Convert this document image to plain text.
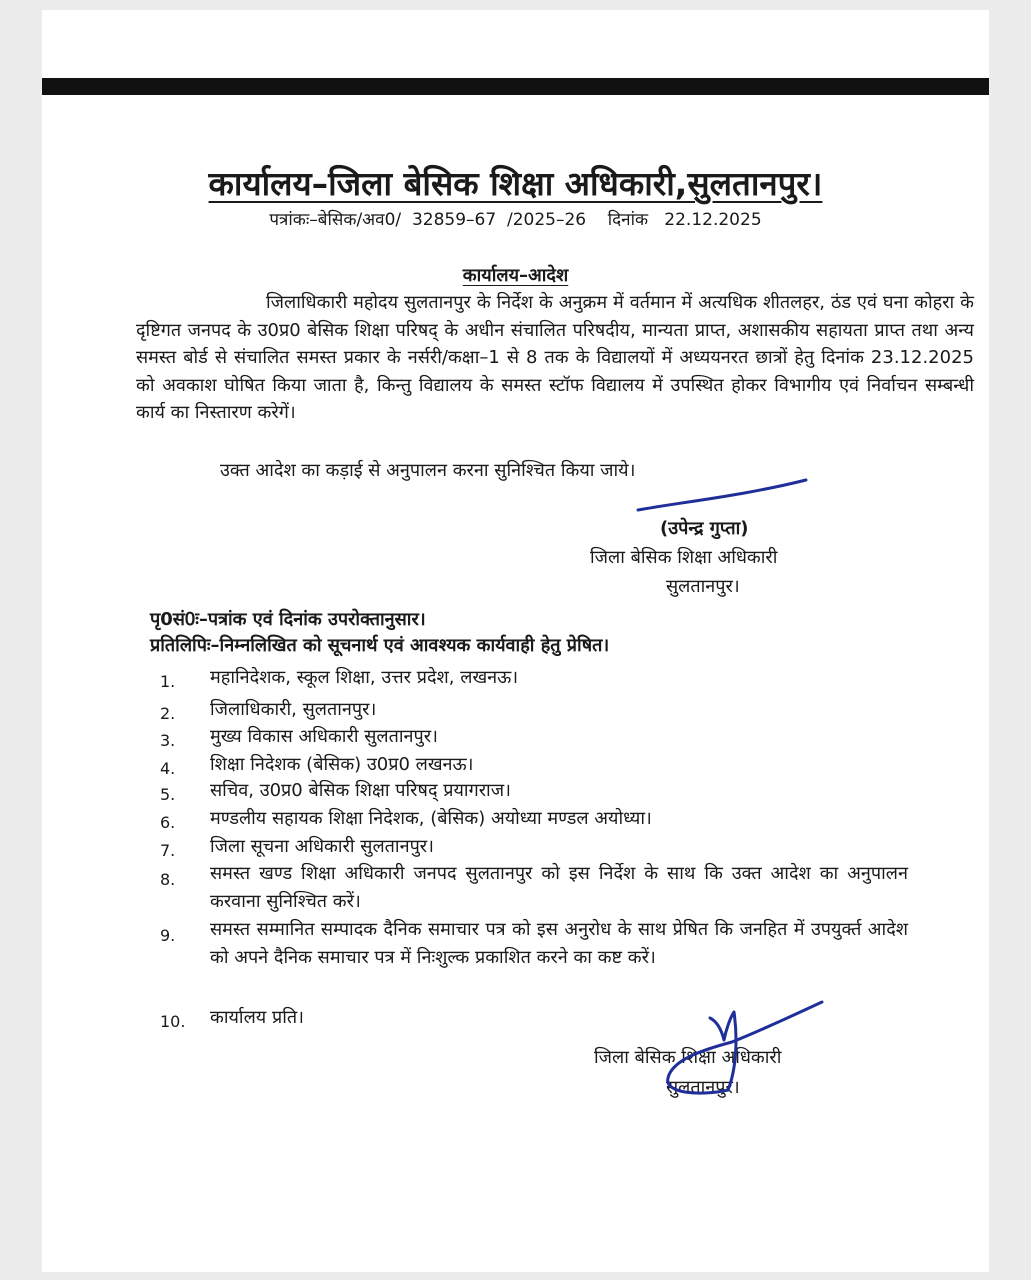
कार्यालय–जिला बेसिक शिक्षा अधिकारी,सुलतानपुर।
पत्रांकः–बेसिक/अव0/  32859–67  /2025–26 दिनांक 22.12.2025
कार्यालय–आदेश

जिलाधिकारी महोदय सुलतानपुर के निर्देश के अनुक्रम में वर्तमान में अत्यधिक शीतलहर, ठंड एवं घना कोहरा के दृष्टिगत जनपद के उ0प्र0 बेसिक शिक्षा परिषद् के अधीन संचालित परिषदीय, मान्यता प्राप्त, अशासकीय सहायता प्राप्त तथा अन्य समस्त बोर्ड से संचालित समस्त प्रकार के नर्सरी/कक्षा–1 से 8 तक के विद्यालयों में अध्ययनरत छात्रों हेतु दिनांक 23.12.2025 को अवकाश घोषित किया जाता है, किन्तु विद्यालय के समस्त स्टॉफ विद्यालय में उपस्थित होकर विभागीय एवं निर्वाचन सम्बन्धी कार्य का निस्तारण करेगें।

उक्त आदेश का कड़ाई से अनुपालन करना सुनिश्चित किया जाये।

(उपेन्द्र गुप्ता)
जिला बेसिक शिक्षा अधिकारी
सुलतानपुर।
पृ0सं0ः–पत्रांक एवं दिनांक उपरोक्तानुसार।
प्रतिलिपिः–निम्नलिखित को सूचनार्थ एवं आवश्यक कार्यवाही हेतु प्रेषित।
1. महानिदेशक, स्कूल शिक्षा, उत्तर प्रदेश, लखनऊ।
2. जिलाधिकारी, सुलतानपुर।
3. मुख्य विकास अधिकारी सुलतानपुर।
4. शिक्षा निदेशक (बेसिक) उ0प्र0 लखनऊ।
5. सचिव, उ0प्र0 बेसिक शिक्षा परिषद् प्रयागराज।
6. मण्डलीय सहायक शिक्षा निदेशक, (बेसिक) अयोध्या मण्डल अयोध्या।
7. जिला सूचना अधिकारी सुलतानपुर।
8. समस्त खण्ड शिक्षा अधिकारी जनपद सुलतानपुर को इस निर्देश के साथ कि उक्त आदेश का अनुपालन करवाना सुनिश्चित करें।
9. समस्त सम्मानित सम्पादक दैनिक समाचार पत्र को इस अनुरोध के साथ प्रेषित कि जनहित में उपयुर्क्त आदेश को अपने दैनिक समाचार पत्र में निःशुल्क प्रकाशित करने का कष्ट करें।
10. कार्यालय प्रति।
जिला बेसिक शिक्षा अधिकारी
सुलतानपुर।
